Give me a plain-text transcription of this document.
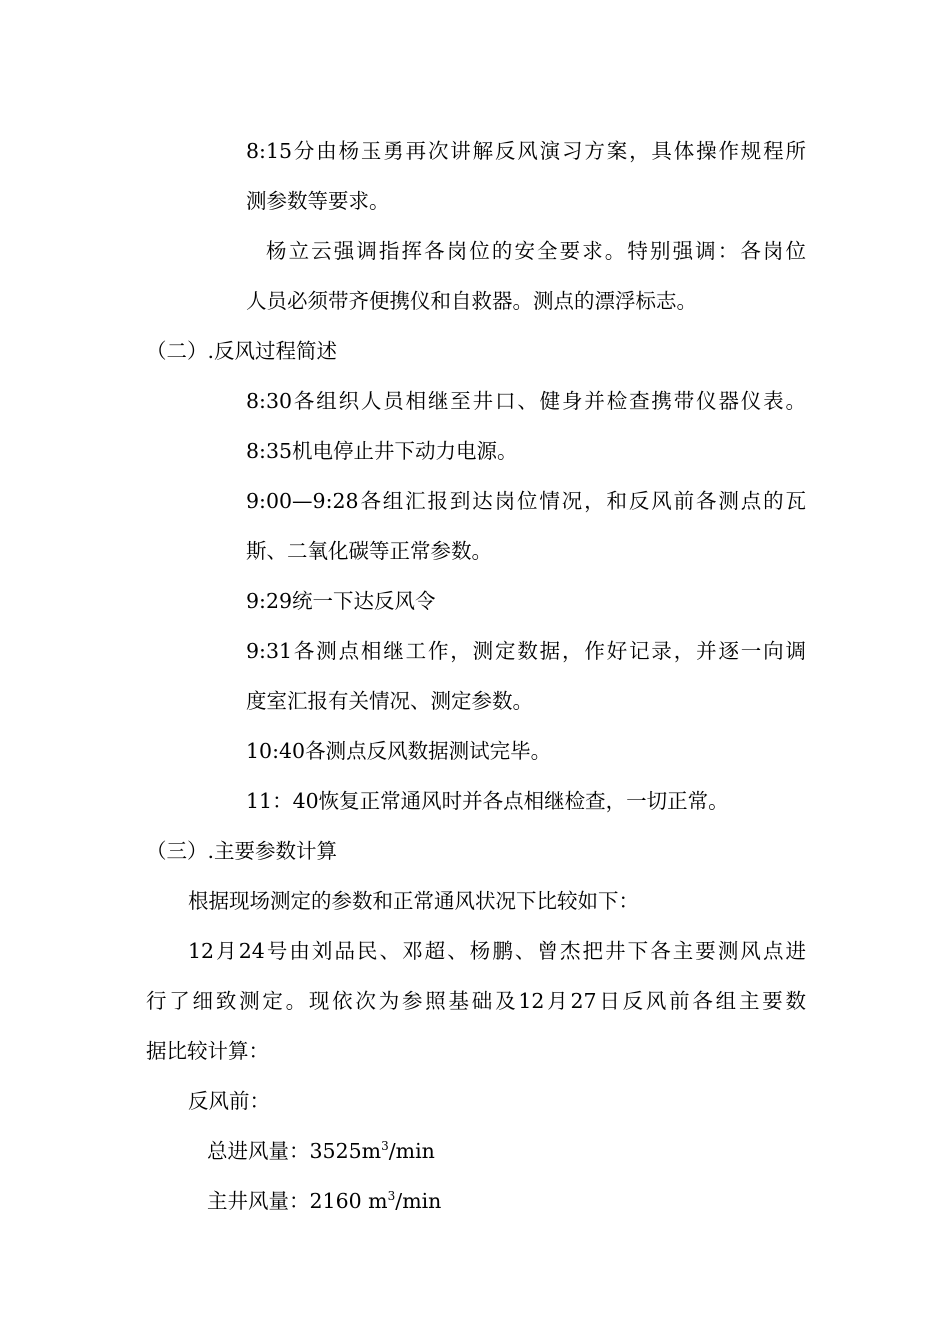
8:15分由杨玉勇再次讲解反风演习方案，具体操作规程所

测参数等要求。

杨立云强调指挥各岗位的安全要求。特别强调：各岗位

人员必须带齐便携仪和自救器。测点的漂浮标志。

（二）.反风过程简述

8:30各组织人员相继至井口、健身并检查携带仪器仪表。

8:35机电停止井下动力电源。

9:00—9:28各组汇报到达岗位情况，和反风前各测点的瓦

斯、二氧化碳等正常参数。

9:29统一下达反风令

9:31各测点相继工作，测定数据，作好记录，并逐一向调

度室汇报有关情况、测定参数。

10:40各测点反风数据测试完毕。

11：40恢复正常通风时并各点相继检查，一切正常。

（三）.主要参数计算

根据现场测定的参数和正常通风状况下比较如下：

12月24号由刘品民、邓超、杨鹏、曾杰把井下各主要测风点进

行了细致测定。现依次为参照基础及12月27日反风前各组主要数

据比较计算：

反风前：

总进风量：$3525m^3/\min$

主井风量：2160 $m^3/\min$
